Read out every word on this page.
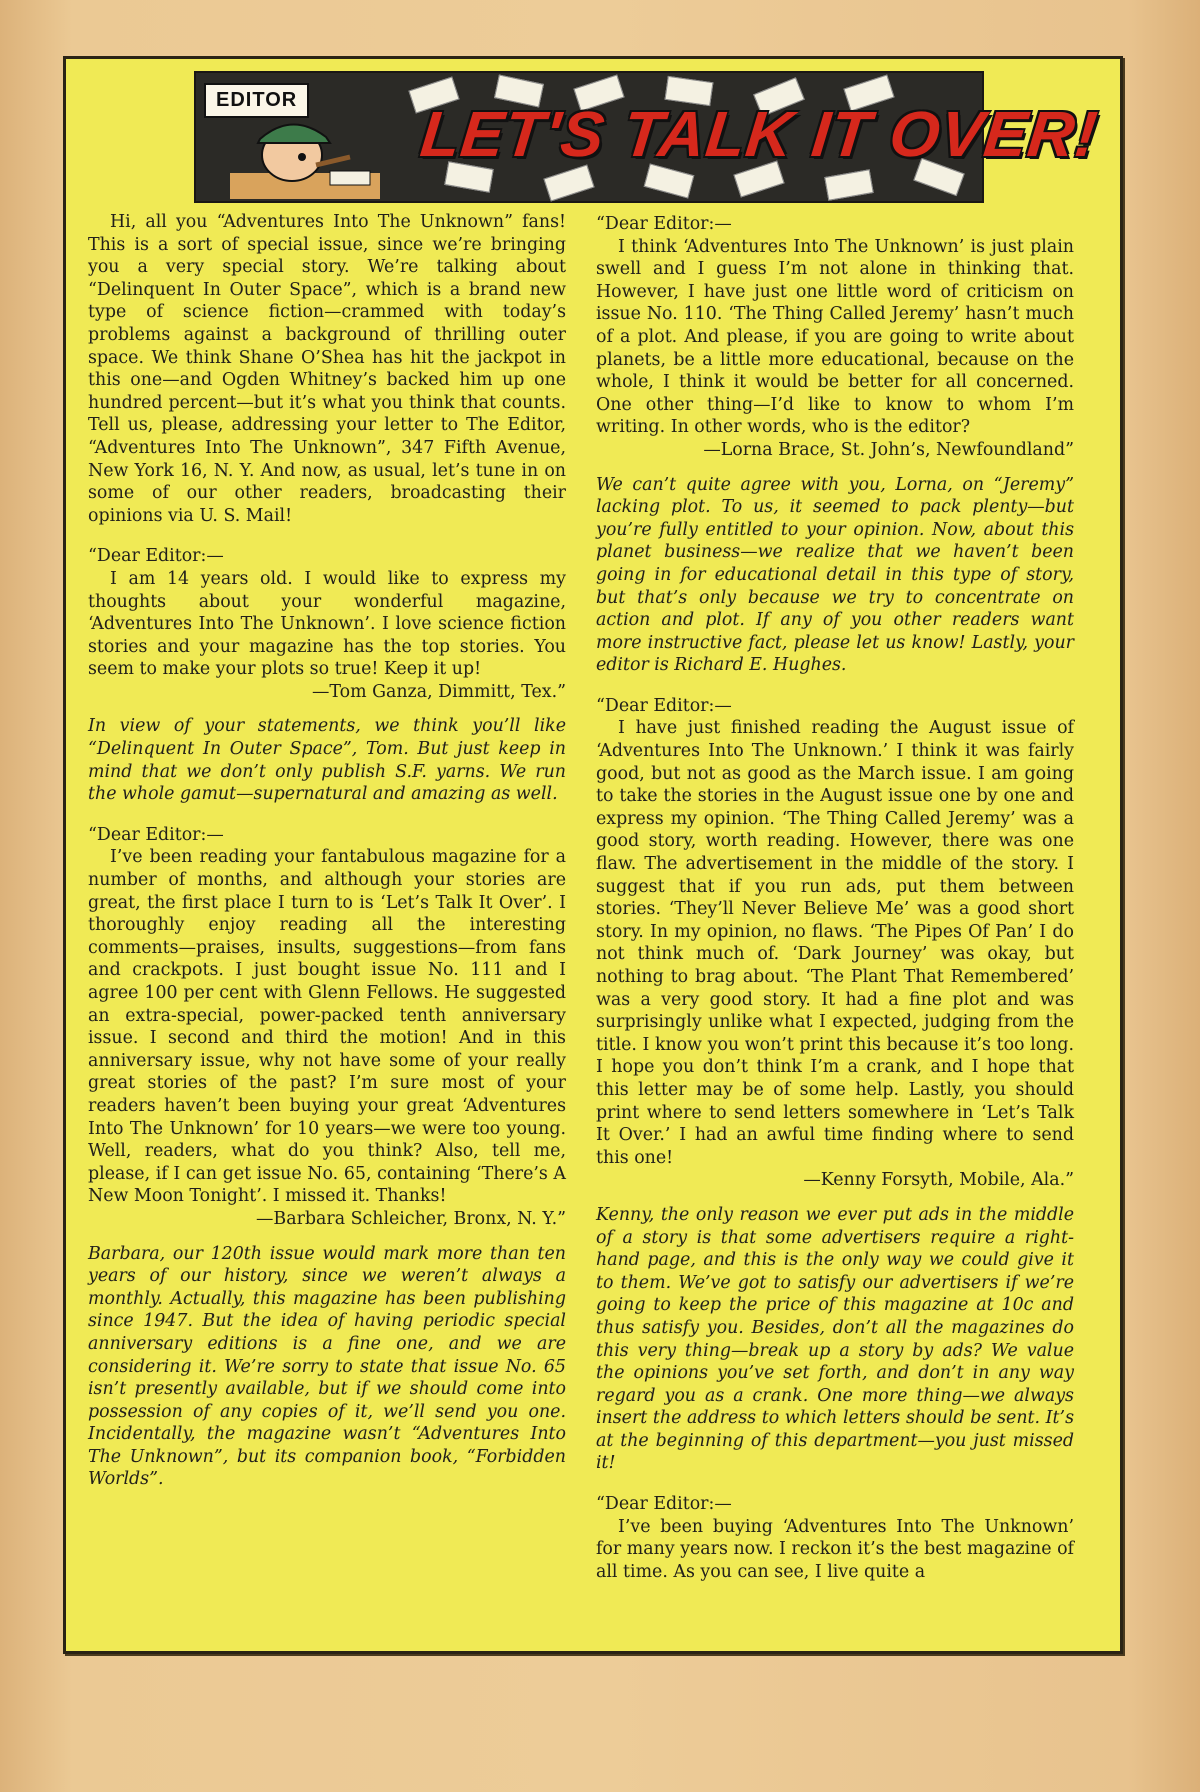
EDITOR LET'S TALK IT OVER!

Hi, all you “Adventures Into The Unknown” fans! This is a sort of special issue, since we’re bringing you a very special story. We’re talking about “Delinquent In Outer Space”, which is a brand new type of science fiction—crammed with today’s problems against a background of thrilling outer space. We think Shane O’Shea has hit the jackpot in this one—and Ogden Whitney’s backed him up one hundred percent—but it’s what you think that counts. Tell us, please, addressing your letter to The Editor, “Adventures Into The Unknown”, 347 Fifth Avenue, New York 16, N. Y. And now, as usual, let’s tune in on some of our other readers, broadcasting their opinions via U. S. Mail!

“Dear Editor:—

I am 14 years old. I would like to express my thoughts about your wonderful magazine, ‘Adventures Into The Unknown’. I love science fiction stories and your magazine has the top stories. You seem to make your plots so true! Keep it up!

—Tom Ganza, Dimmitt, Tex.”

In view of your statements, we think you’ll like “Delinquent In Outer Space”, Tom. But just keep in mind that we don’t only publish S.F. yarns. We run the whole gamut—supernatural and amazing as well.

“Dear Editor:—

I’ve been reading your fantabulous magazine for a number of months, and although your stories are great, the first place I turn to is ‘Let’s Talk It Over’. I thoroughly enjoy reading all the interesting comments—praises, insults, suggestions—from fans and crackpots. I just bought issue No. 111 and I agree 100 per cent with Glenn Fellows. He suggested an extra-special, power-packed tenth anniversary issue. I second and third the motion! And in this anniversary issue, why not have some of your really great stories of the past? I’m sure most of your readers haven’t been buying your great ‘Adventures Into The Unknown’ for 10 years—we were too young. Well, readers, what do you think? Also, tell me, please, if I can get issue No. 65, containing ‘There’s A New Moon Tonight’. I missed it. Thanks!

—Barbara Schleicher, Bronx, N. Y.”

Barbara, our 120th issue would mark more than ten years of our history, since we weren’t always a monthly. Actually, this magazine has been publishing since 1947. But the idea of having periodic special anniversary editions is a fine one, and we are considering it. We’re sorry to state that issue No. 65 isn’t presently available, but if we should come into possession of any copies of it, we’ll send you one. Incidentally, the magazine wasn’t “Adventures Into The Unknown”, but its companion book, “Forbidden Worlds”.

“Dear Editor:—

I think ‘Adventures Into The Unknown’ is just plain swell and I guess I’m not alone in thinking that. However, I have just one little word of criticism on issue No. 110. ‘The Thing Called Jeremy’ hasn’t much of a plot. And please, if you are going to write about planets, be a little more educational, because on the whole, I think it would be better for all concerned. One other thing—I’d like to know to whom I’m writing. In other words, who is the editor?

—Lorna Brace, St. John’s, Newfoundland”

We can’t quite agree with you, Lorna, on “Jeremy” lacking plot. To us, it seemed to pack plenty—but you’re fully entitled to your opinion. Now, about this planet business—we realize that we haven’t been going in for educational detail in this type of story, but that’s only because we try to concentrate on action and plot. If any of you other readers want more instructive fact, please let us know! Lastly, your editor is Richard E. Hughes.

“Dear Editor:—

I have just finished reading the August issue of ‘Adventures Into The Unknown.’ I think it was fairly good, but not as good as the March issue. I am going to take the stories in the August issue one by one and express my opinion. ‘The Thing Called Jeremy’ was a good story, worth reading. However, there was one flaw. The advertisement in the middle of the story. I suggest that if you run ads, put them between stories. ‘They’ll Never Believe Me’ was a good short story. In my opinion, no flaws. ‘The Pipes Of Pan’ I do not think much of. ‘Dark Journey’ was okay, but nothing to brag about. ‘The Plant That Remembered’ was a very good story. It had a fine plot and was surprisingly unlike what I expected, judging from the title. I know you won’t print this because it’s too long. I hope you don’t think I’m a crank, and I hope that this letter may be of some help. Lastly, you should print where to send letters somewhere in ‘Let’s Talk It Over.’ I had an awful time finding where to send this one!

—Kenny Forsyth, Mobile, Ala.”

Kenny, the only reason we ever put ads in the middle of a story is that some advertisers require a right-hand page, and this is the only way we could give it to them. We’ve got to satisfy our advertisers if we’re going to keep the price of this magazine at 10c and thus satisfy you. Besides, don’t all the magazines do this very thing—break up a story by ads? We value the opinions you’ve set forth, and don’t in any way regard you as a crank. One more thing—we always insert the address to which letters should be sent. It’s at the beginning of this department—you just missed it!

“Dear Editor:—

I’ve been buying ‘Adventures Into The Unknown’ for many years now. I reckon it’s the best magazine of all time. As you can see, I live quite a
